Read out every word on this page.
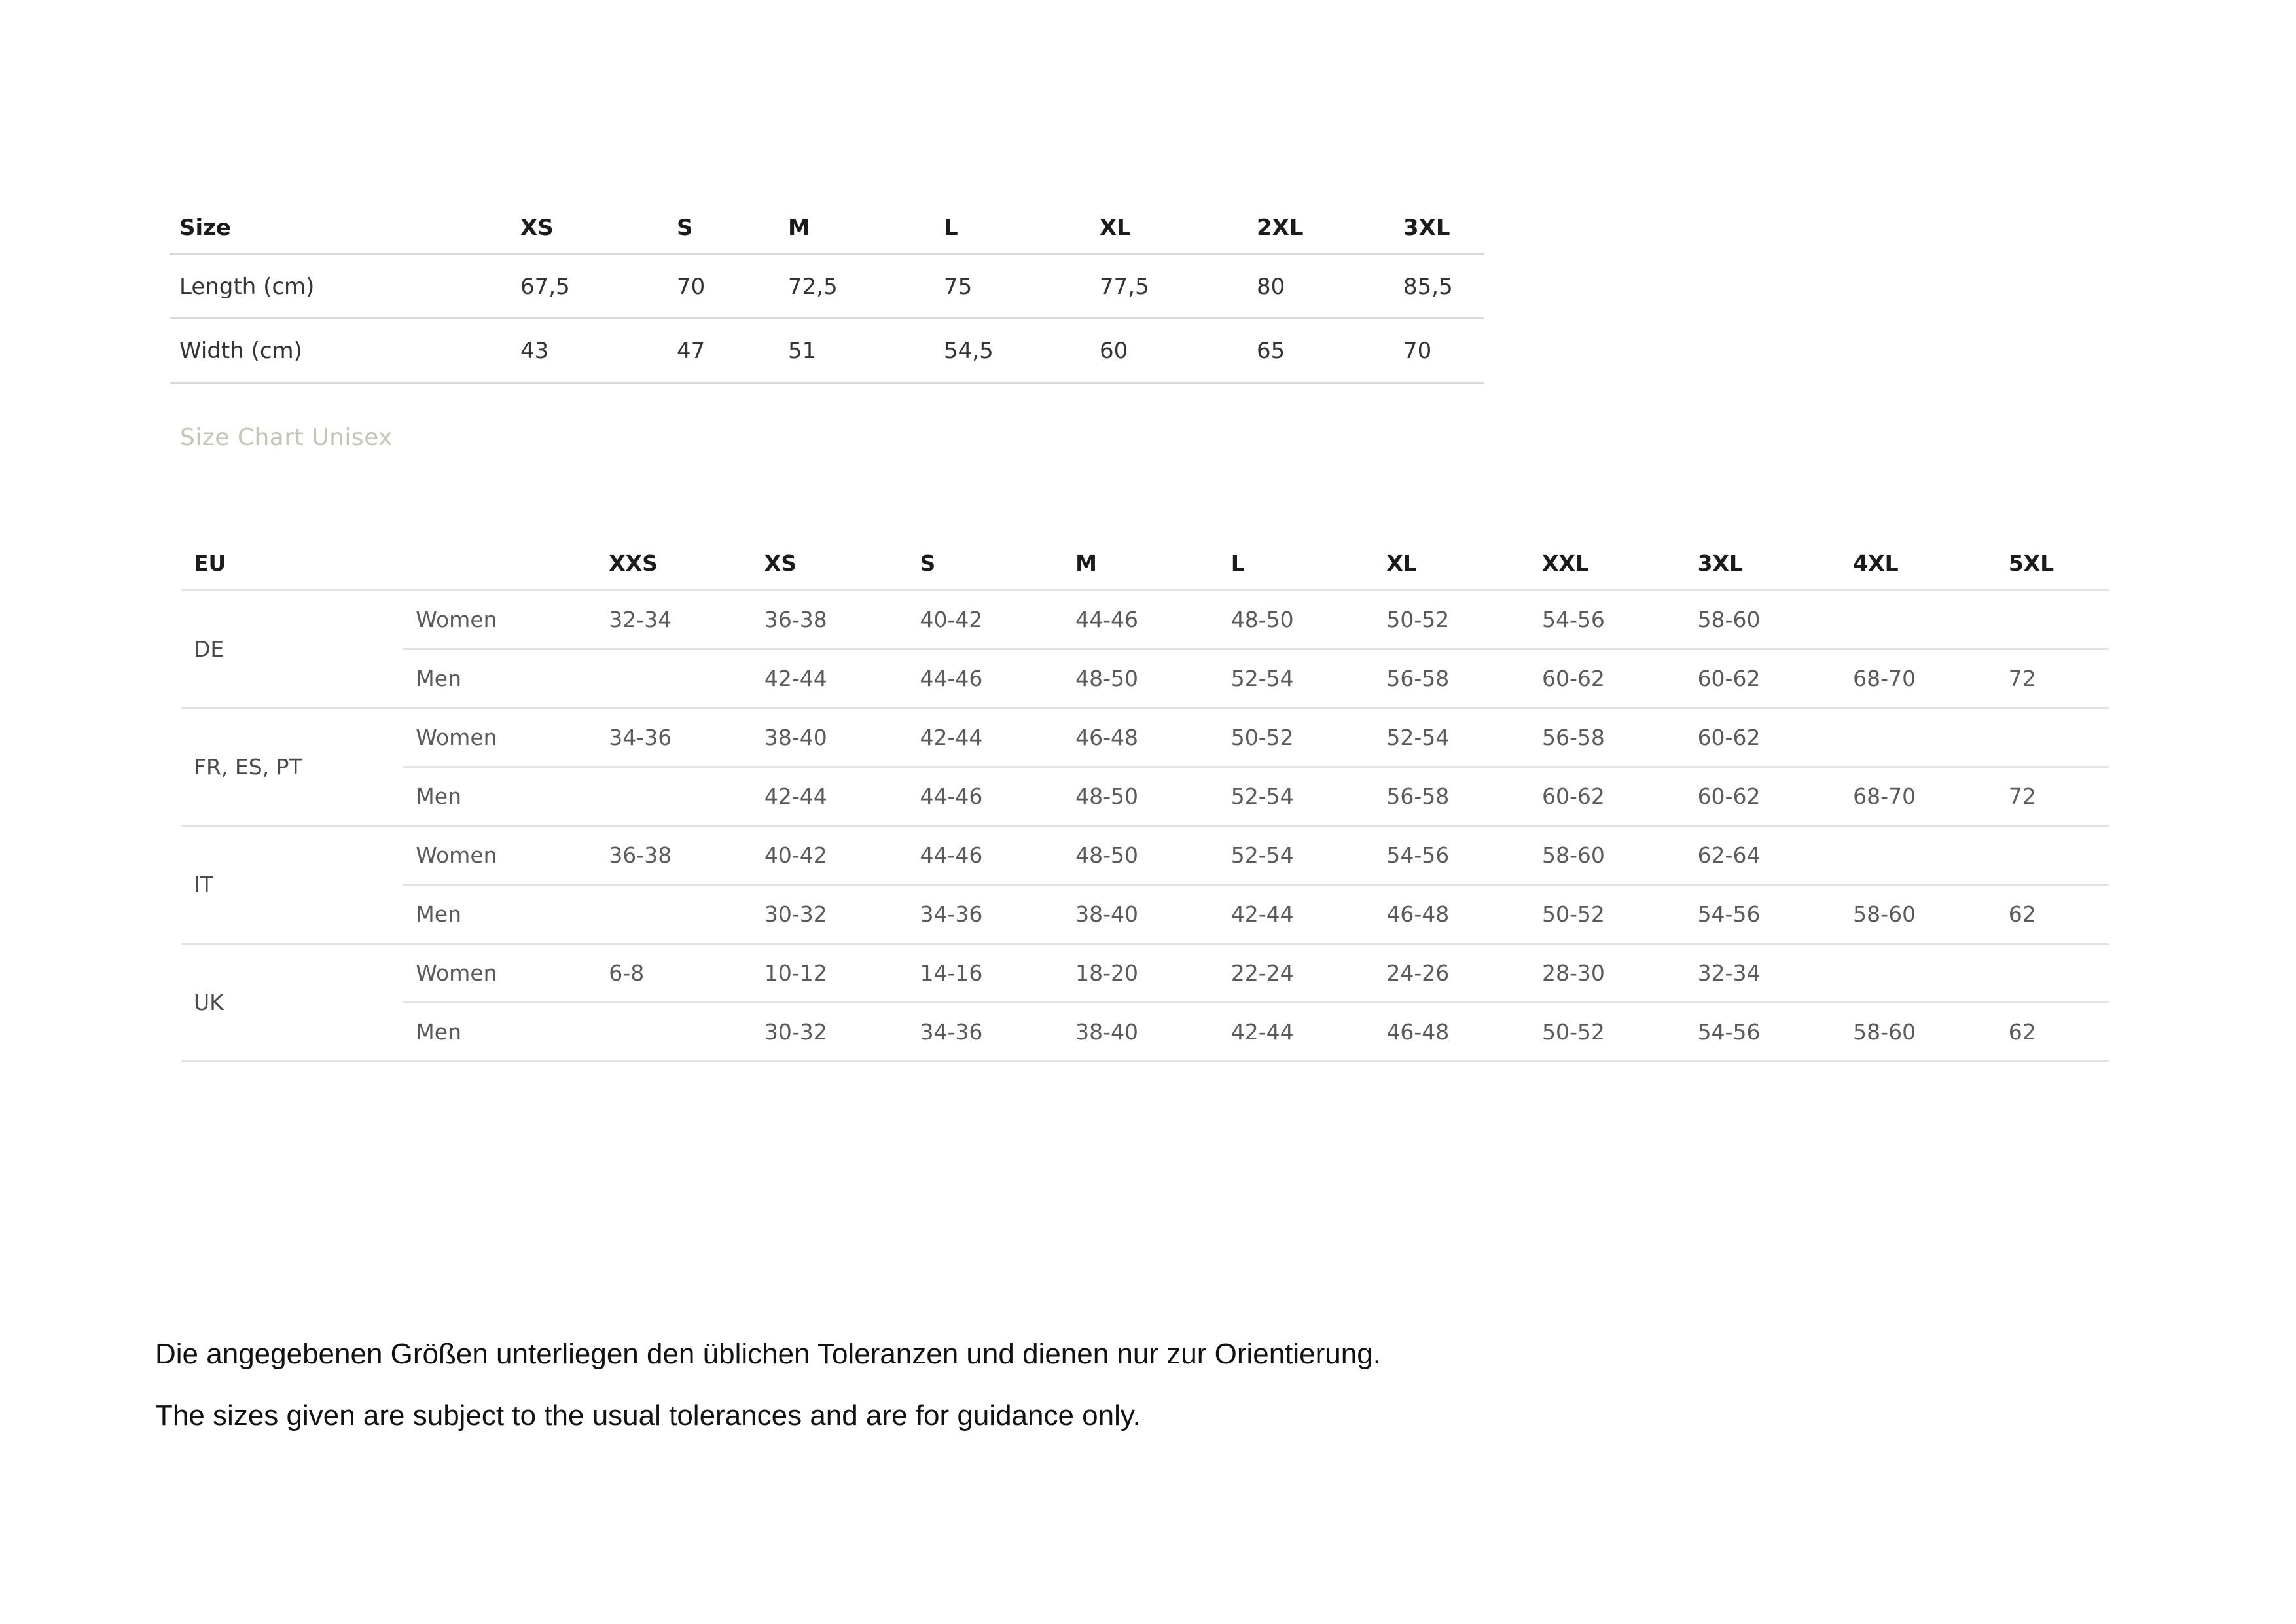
Size	XS	S	M	L	XL	2XL	3XL
Length (cm)	67,5	70	72,5	75	77,5	80	85,5
Width (cm)	43	47	51	54,5	60	65	70
Size Chart Unisex
EU		XXS	XS	S	M	L	XL	XXL	3XL	4XL	5XL
DE	Women	32-34	36-38	40-42	44-46	48-50	50-52	54-56	58-60		
	Men		42-44	44-46	48-50	52-54	56-58	60-62	60-62	68-70	72
FR, ES, PT	Women	34-36	38-40	42-44	46-48	50-52	52-54	56-58	60-62		
	Men		42-44	44-46	48-50	52-54	56-58	60-62	60-62	68-70	72
IT	Women	36-38	40-42	44-46	48-50	52-54	54-56	58-60	62-64		
	Men		30-32	34-36	38-40	42-44	46-48	50-52	54-56	58-60	62
UK	Women	6-8	10-12	14-16	18-20	22-24	24-26	28-30	32-34		
	Men		30-32	34-36	38-40	42-44	46-48	50-52	54-56	58-60	62
Die angegebenen Größen unterliegen den üblichen Toleranzen und dienen nur zur Orientierung.
The sizes given are subject to the usual tolerances and are for guidance only.
